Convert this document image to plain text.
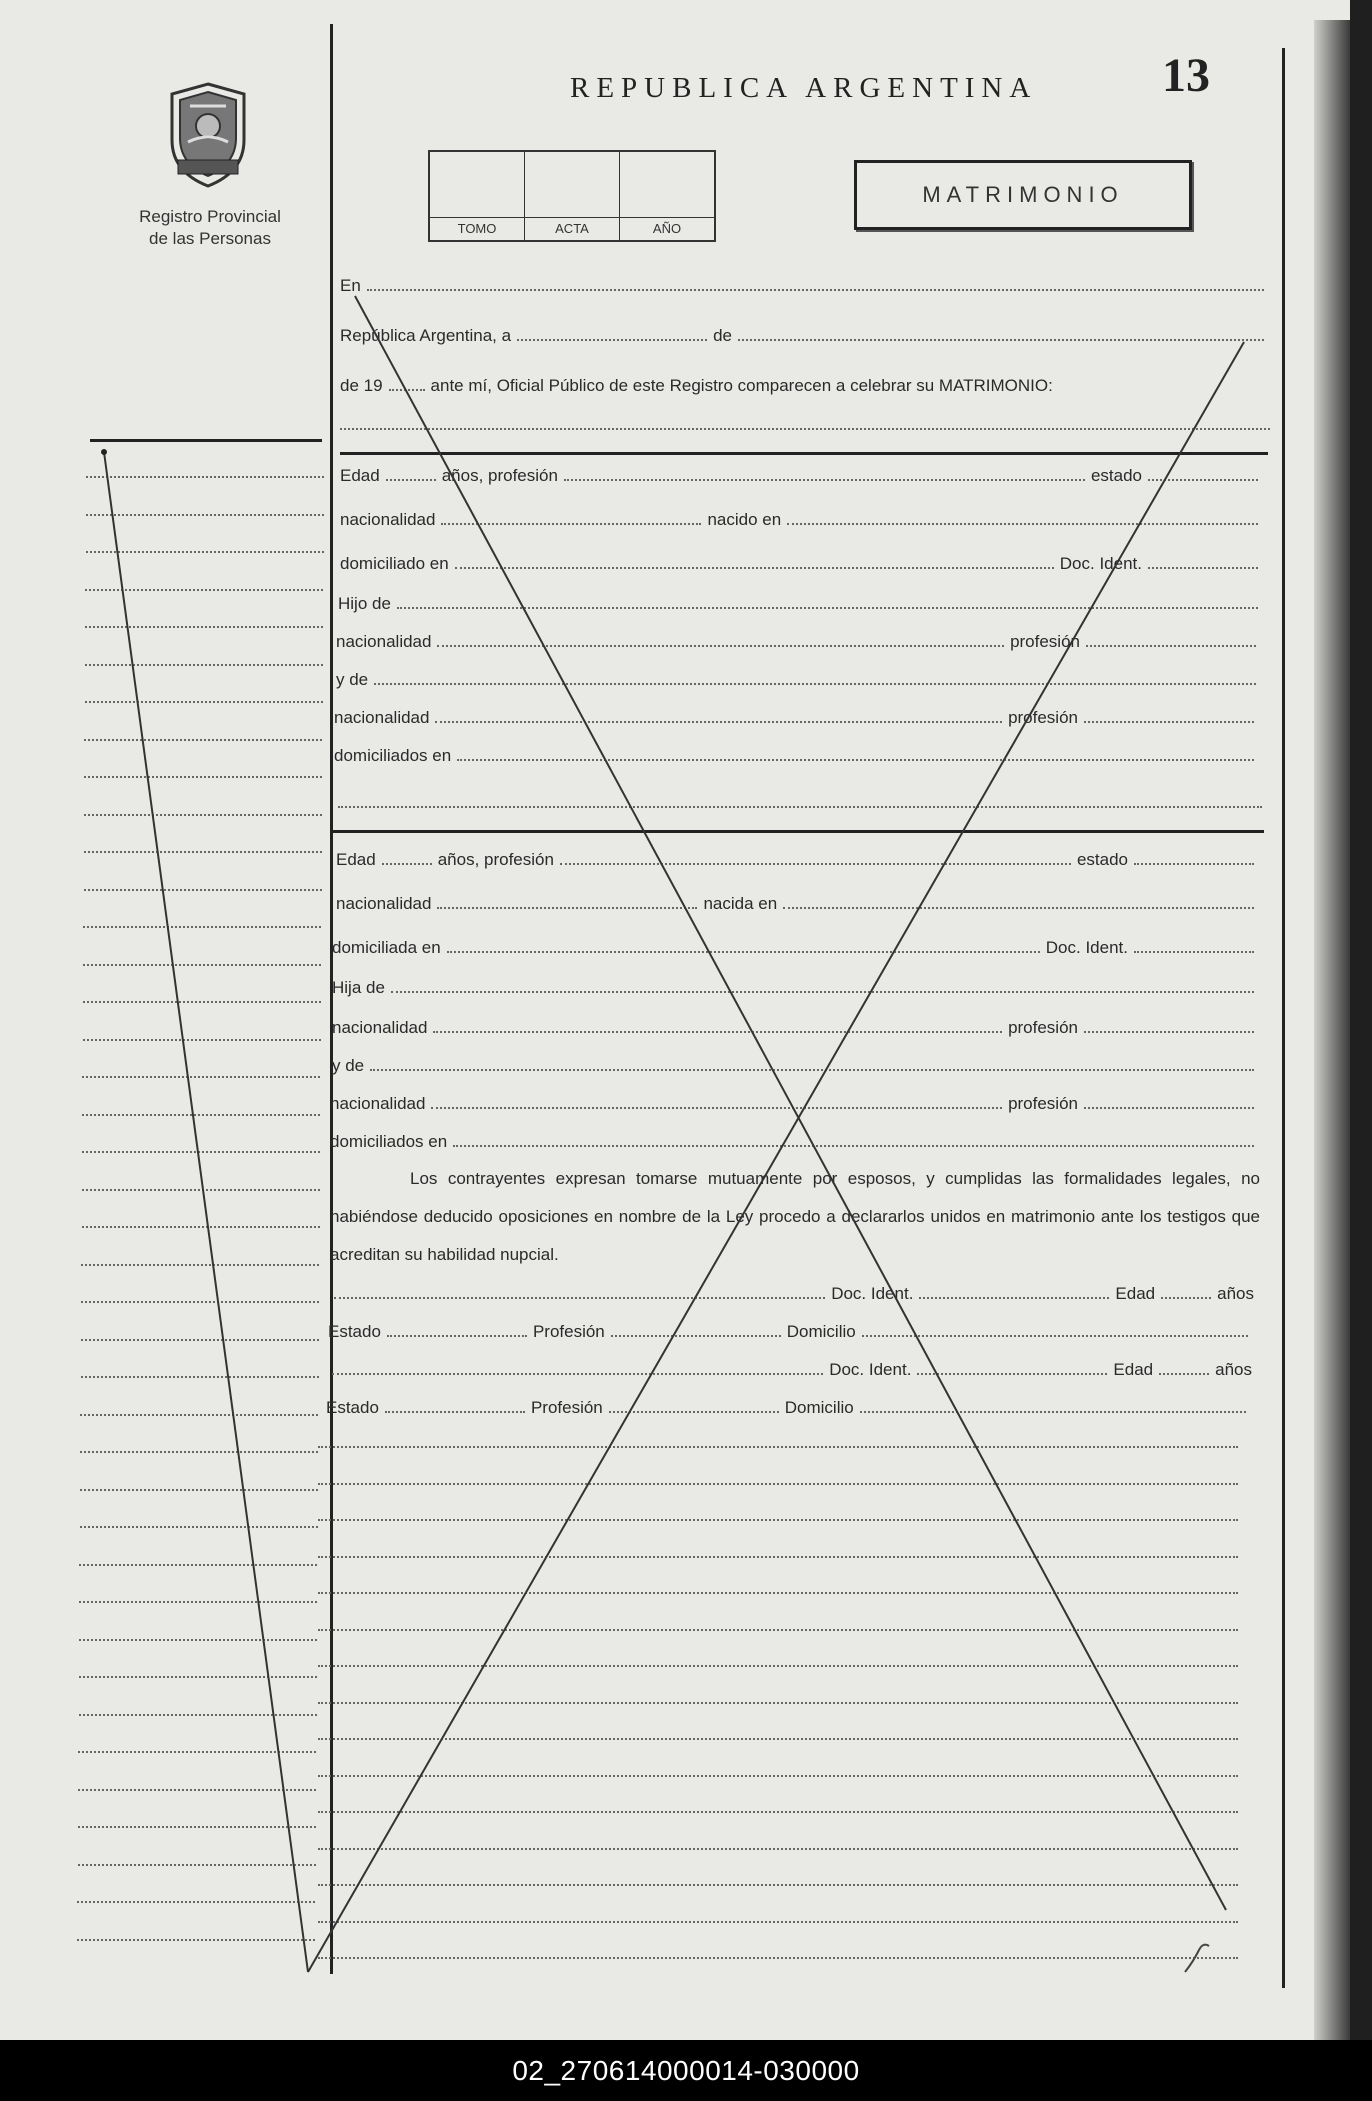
Registro Provincial
de las Personas
REPUBLICA ARGENTINA	13
TOMO	ACTA	AÑO
MATRIMONIO
En
República Argentina, a	de
de 19	ante mí, Oficial Público de este Registro comparecen a celebrar su MATRIMONIO:
Edad	años, profesión	estado
nacionalidad	nacido en
domiciliado en	Doc. Ident.
Hijo de
nacionalidad	profesión
y de
nacionalidad	profesión
domiciliados en
Edad	años, profesión	estado
nacionalidad	nacida en
domiciliada en	Doc. Ident.
Hija de
nacionalidad	profesión
y de
nacionalidad	profesión
domiciliados en
Los contrayentes expresan tomarse mutuamente por esposos, y cumplidas las formalidades legales, no habiéndose deducido oposiciones en nombre de la Ley procedo a declararlos unidos en matrimonio ante los testigos que acreditan su habilidad nupcial.
Doc. Ident.	Edad	años
Estado	Profesión	Domicilio
Doc. Ident.	Edad	años
Estado	Profesión	Domicilio
02_270614000014-030000
